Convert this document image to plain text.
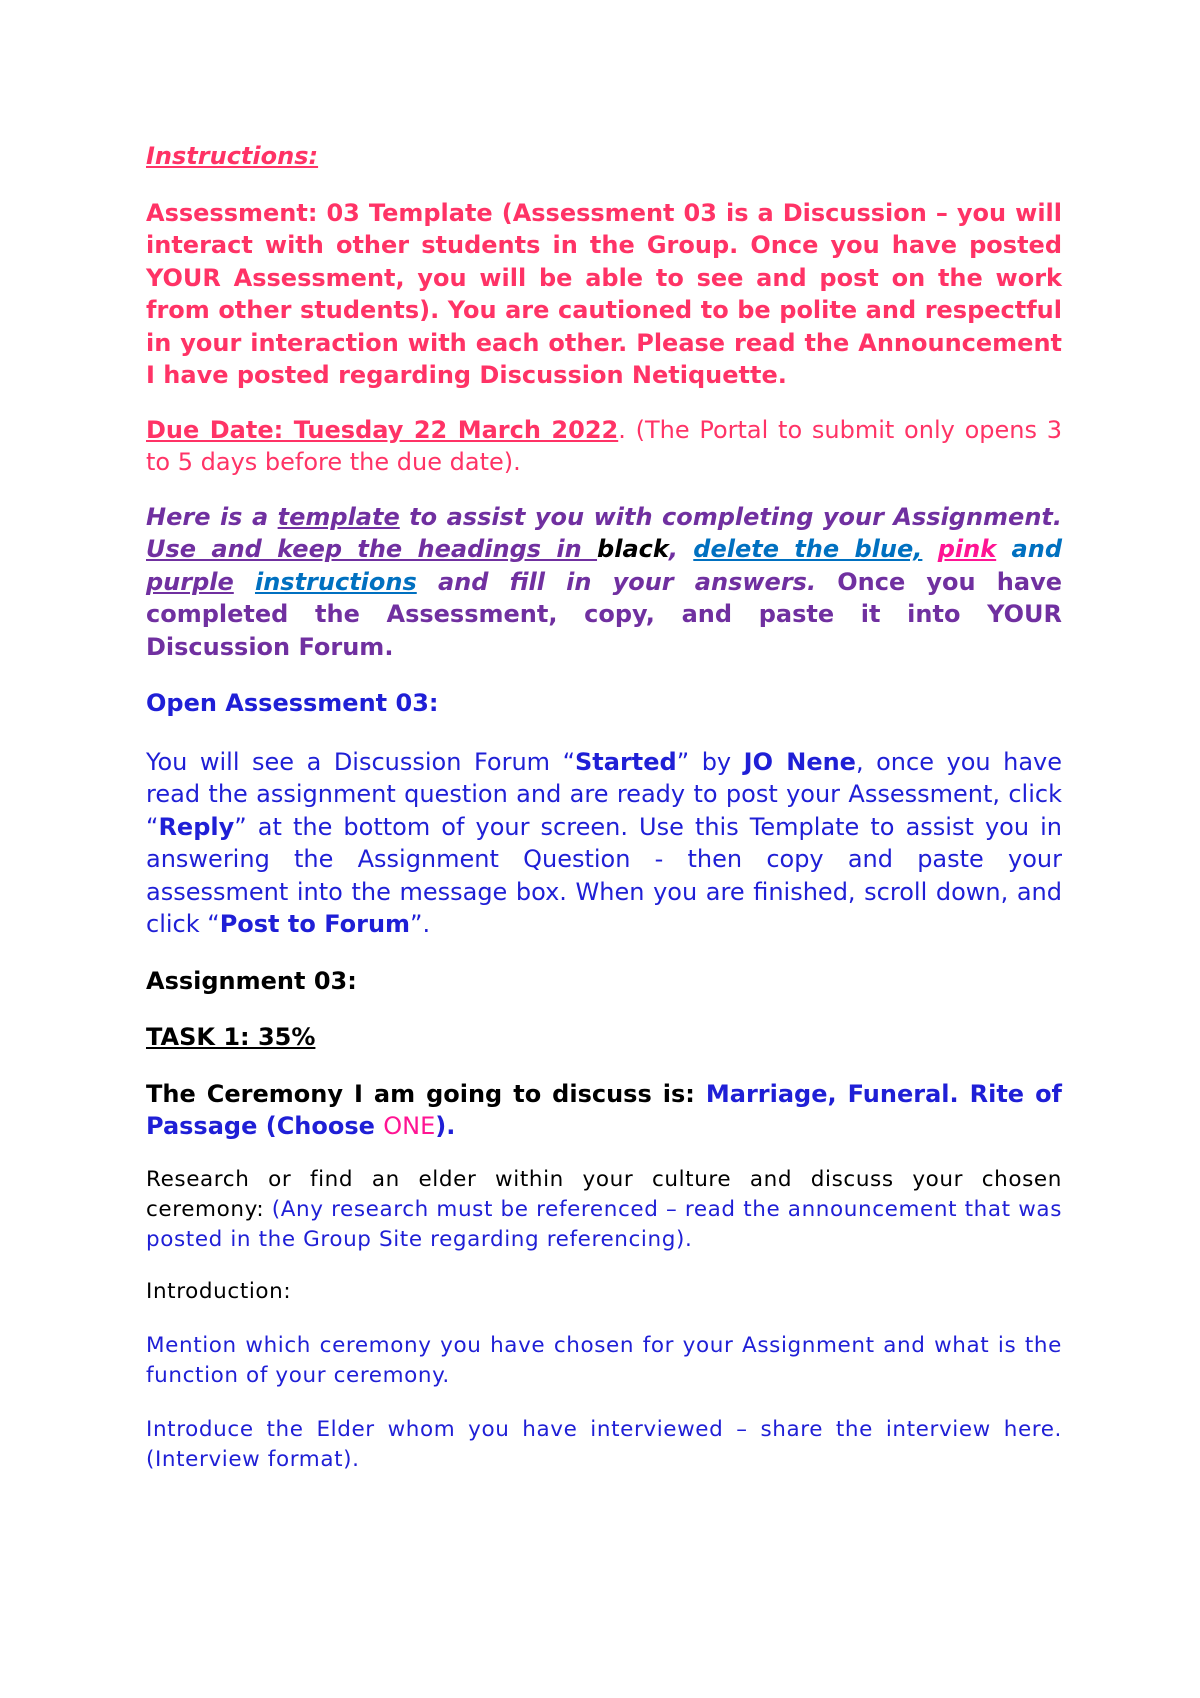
Instructions:

Assessment: 03 Template (Assessment 03 is a Discussion – you will interact with other students in the Group. Once you have posted YOUR Assessment, you will be able to see and post on the work from other students). You are cautioned to be polite and respectful in your interaction with each other. Please read the Announcement I have posted regarding Discussion Netiquette.

Due Date: Tuesday 22 March 2022. (The Portal to submit only opens 3 to 5 days before the due date).

Here is a template to assist you with completing your Assignment. Use and keep the headings in black, delete the blue, pink and purple instructions and fill in your answers. Once you have completed the Assessment, copy, and paste it into YOUR Discussion Forum.

Open Assessment 03:

You will see a Discussion Forum “Started” by JO Nene, once you have read the assignment question and are ready to post your Assessment, click “Reply” at the bottom of your screen. Use this Template to assist you in answering the Assignment Question - then copy and paste your assessment into the message box. When you are finished, scroll down, and click “Post to Forum”.

Assignment 03:

TASK 1: 35%

The Ceremony I am going to discuss is: Marriage, Funeral. Rite of Passage (Choose ONE).

Research or find an elder within your culture and discuss your chosen ceremony: (Any research must be referenced – read the announcement that was posted in the Group Site regarding referencing).

Introduction:

Mention which ceremony you have chosen for your Assignment and what is the function of your ceremony.

Introduce the Elder whom you have interviewed – share the interview here. (Interview format).
